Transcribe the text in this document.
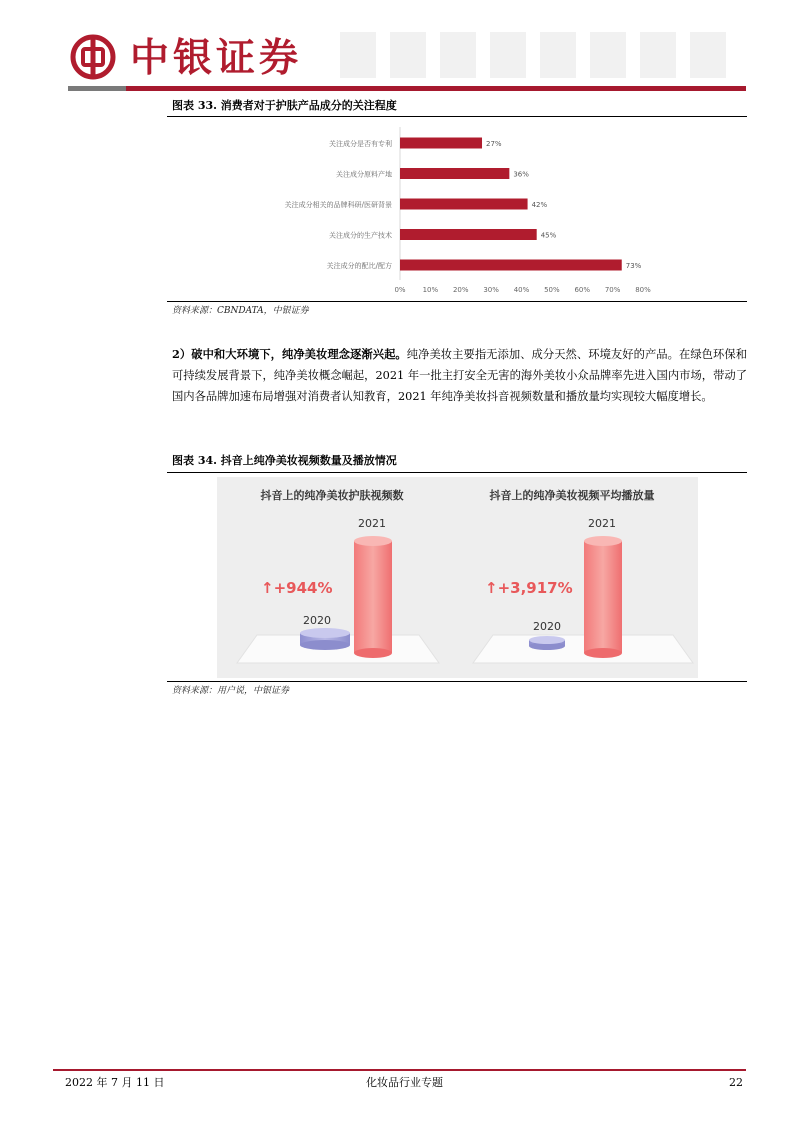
中银证券
图表 33. 消费者对于护肤产品成分的关注程度
关注成分是否有专利	27%
关注成分原料产地	36%
关注成分相关的品牌科研/医研背景	42%
关注成分的生产技术	45%
关注成分的配比/配方	73%
0% 10% 20% 30% 40% 50% 60% 70% 80%
资料来源：CBNDATA，中银证券
2）破中和大环境下，纯净美妆理念逐渐兴起。纯净美妆主要指无添加、成分天然、环境友好的产品。在绿色环保和可持续发展背景下，纯净美妆概念崛起，2021 年一批主打安全无害的海外美妆小众品牌率先进入国内市场，带动了国内各品牌加速布局增强对消费者认知教育，2021 年纯净美妆抖音视频数量和播放量均实现较大幅度增长。
图表 34. 抖音上纯净美妆视频数量及播放情况
抖音上的纯净美妆护肤视频数	抖音上的纯净美妆视频平均播放量
2021
2020
2021
2020
↑+944%	↑+3,917%
资料来源：用户说，中银证券
2022 年 7 月 11 日	化妆品行业专题	22
